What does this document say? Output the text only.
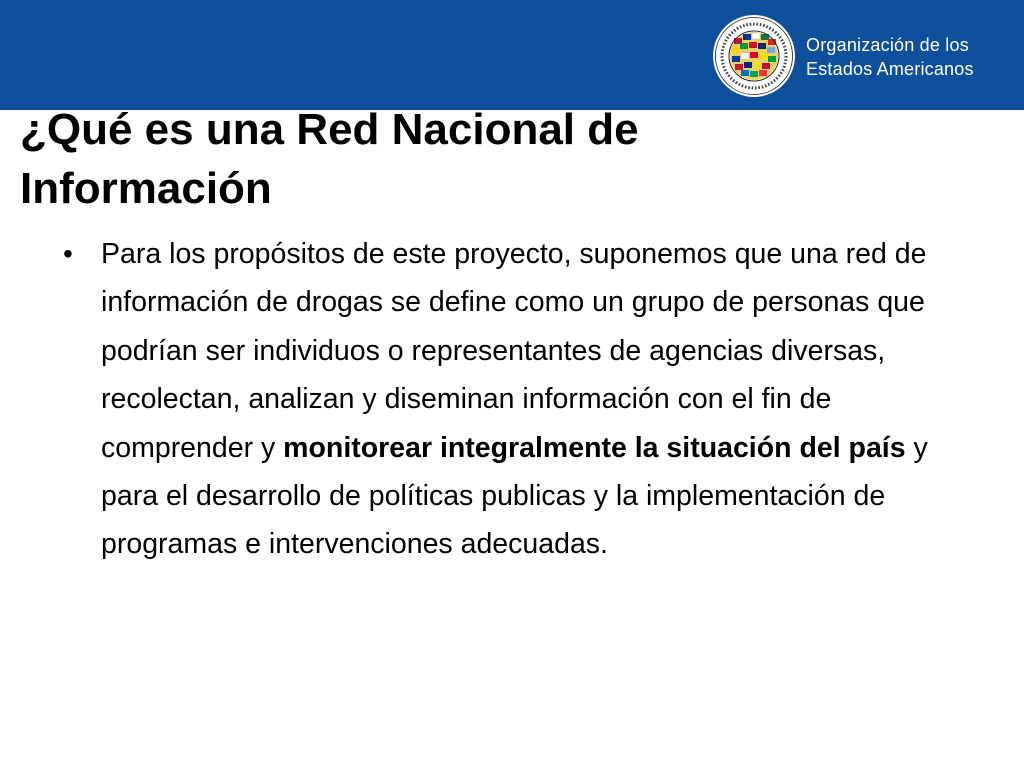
Organización de los
Estados Americanos
¿Qué es una Red Nacional de
Información
• Para los propósitos de este proyecto, suponemos que una red de información de drogas se define como un grupo de personas que podrían ser individuos o representantes de agencias diversas, recolectan, analizan y diseminan información con el fin de comprender y monitorear integralmente la situación del país y para el desarrollo de políticas publicas y la implementación de programas e intervenciones adecuadas.
